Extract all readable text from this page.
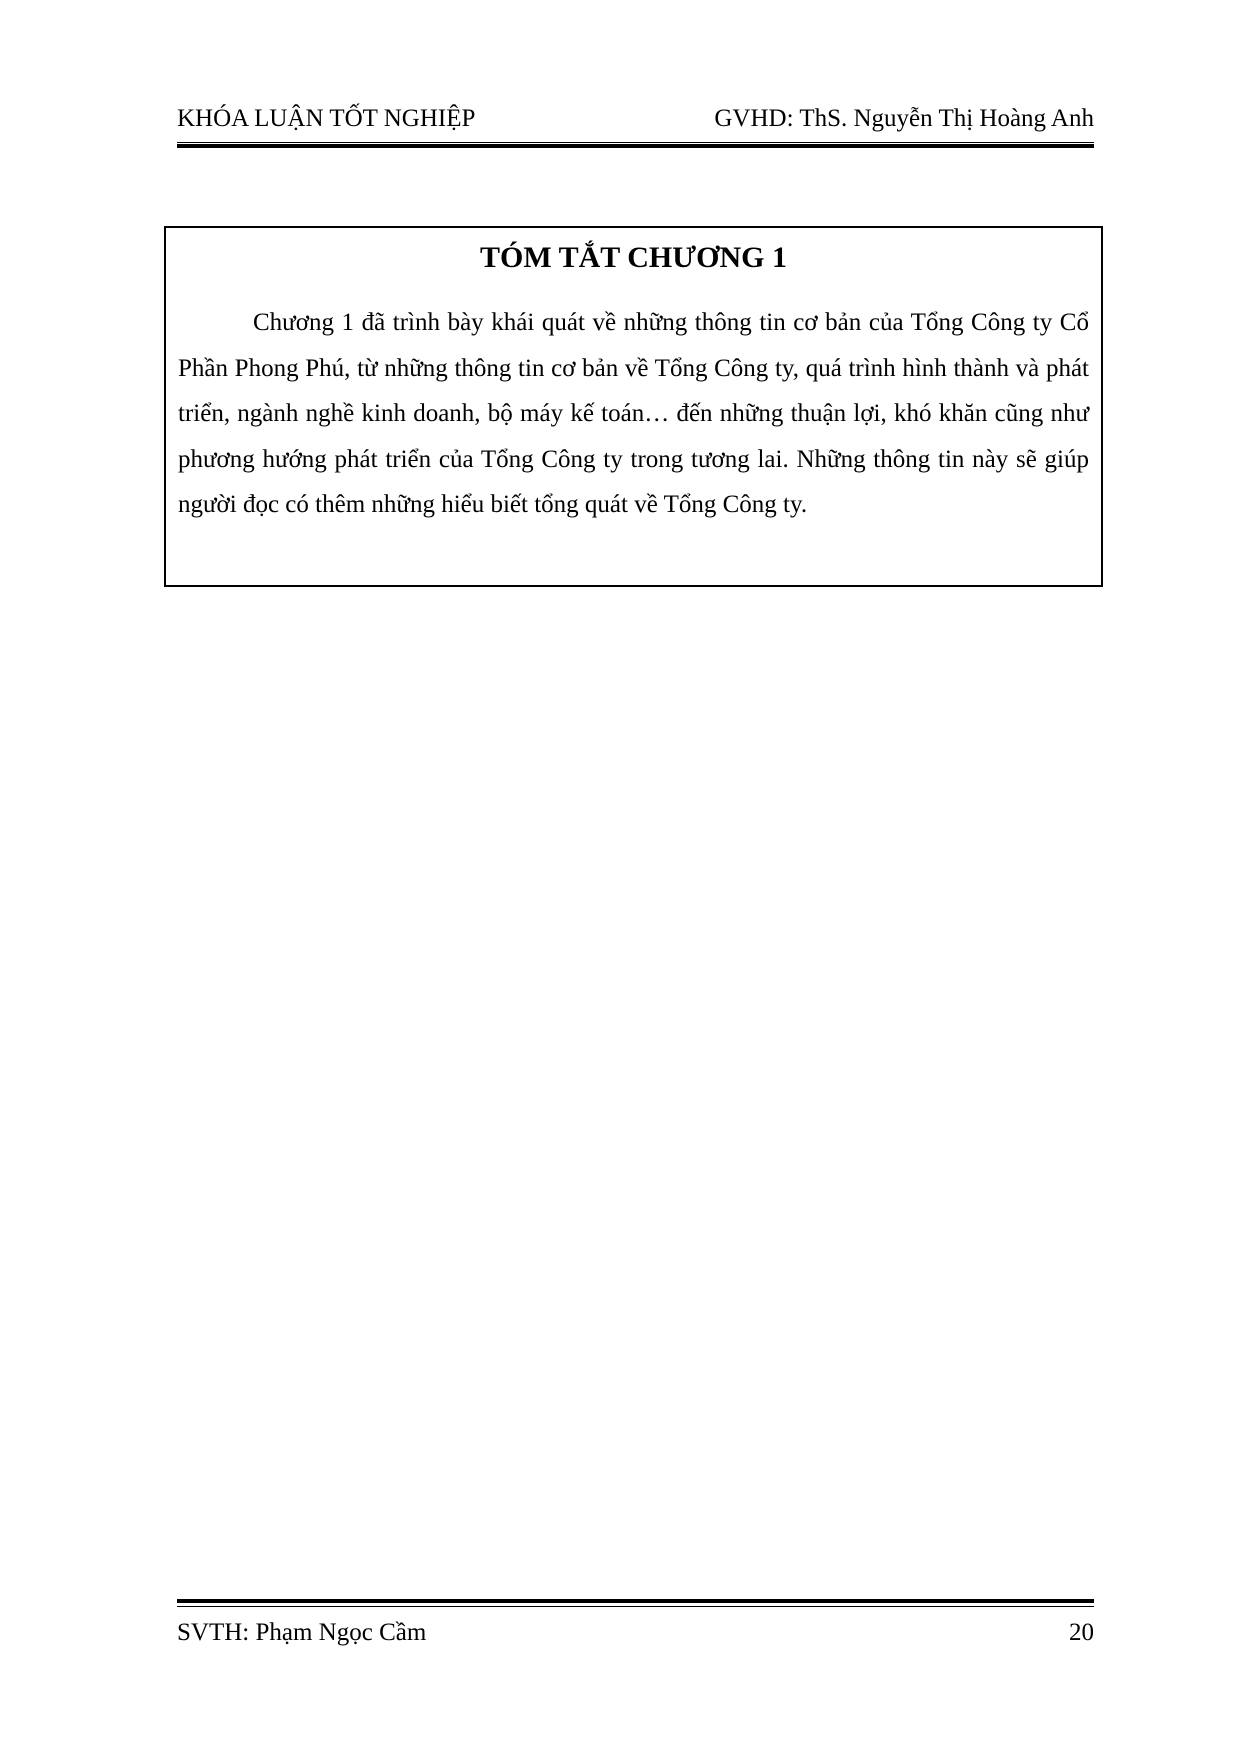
KHÓA LUẬN TỐT NGHIỆP	GVHD: ThS. Nguyễn Thị Hoàng Anh
TÓM TẮT CHƯƠNG 1

Chương 1 đã trình bày khái quát về những thông tin cơ bản của Tổng Công ty Cổ Phần Phong Phú, từ những thông tin cơ bản về Tổng Công ty, quá trình hình thành và phát triển, ngành nghề kinh doanh, bộ máy kế toán… đến những thuận lợi, khó khăn cũng như phương hướng phát triển của Tổng Công ty trong tương lai. Những thông tin này sẽ giúp người đọc có thêm những hiểu biết tổng quát về Tổng Công ty.

SVTH: Phạm Ngọc Cầm	20
